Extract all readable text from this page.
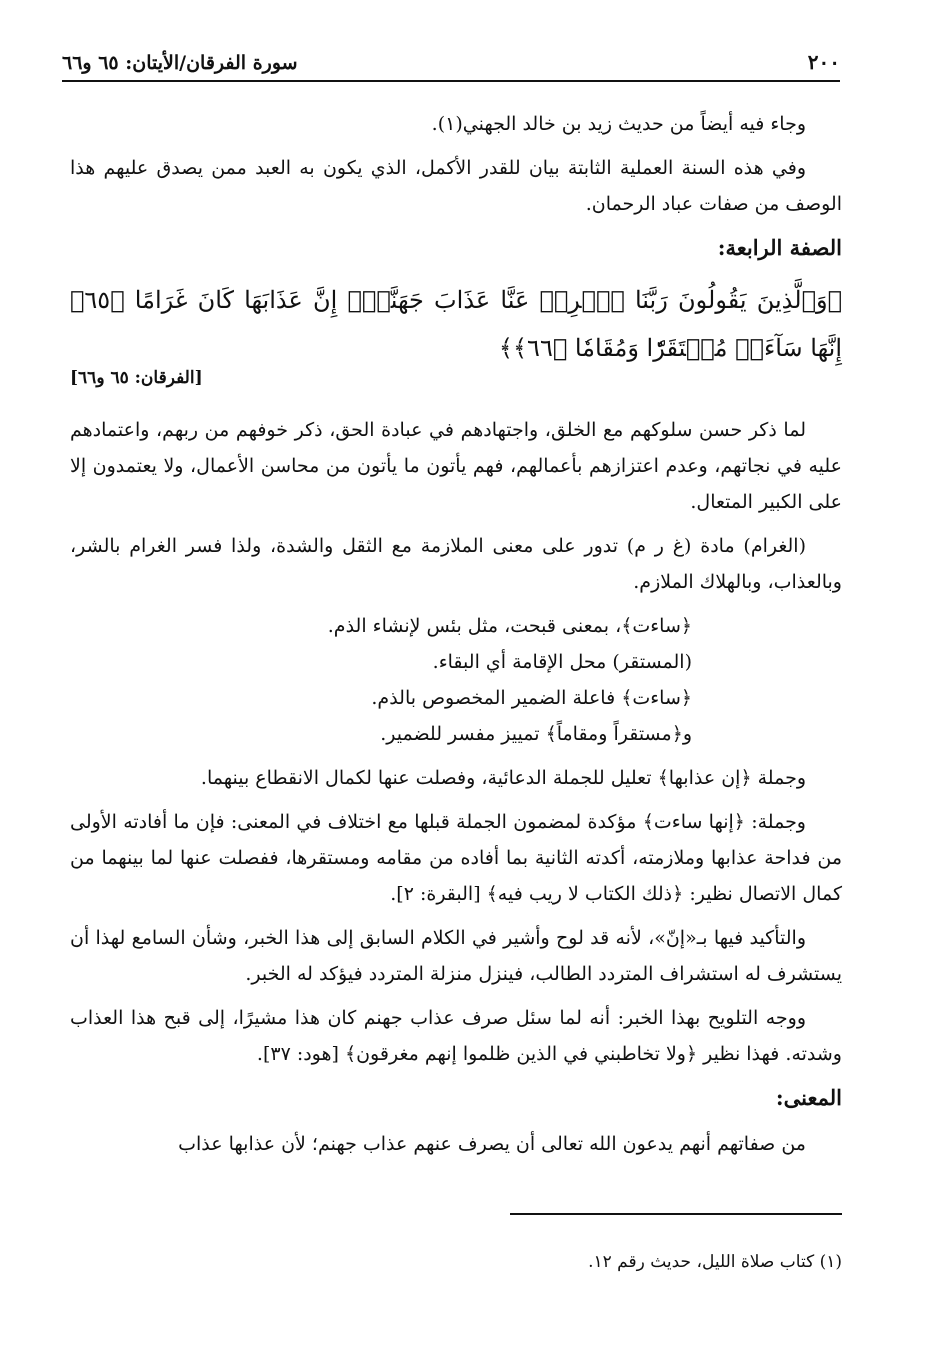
٢٠٠
سورة الفرقان/الأيتان: ٦٥ و٦٦

وجاء فيه أيضاً من حديث زيد بن خالد الجهني(١).

وفي هذه السنة العملية الثابتة بيان للقدر الأكمل، الذي يكون به العبد ممن يصدق عليهم هذا الوصف من صفات عباد الرحمان.

الصفة الرابعة:

﴿وَٱلَّذِينَ يَقُولُونَ رَبَّنَا ٱصۡرِفۡ عَنَّا عَذَابَ جَهَنَّمَۖ إِنَّ عَذَابَهَا كَانَ غَرَامًا ﴿٦٥﴾ إِنَّهَا سَآءَتۡ مُسۡتَقَرّٗا وَمُقَامٗا ﴿٦٦﴾﴾

[الفرقان: ٦٥ و٦٦]

لما ذكر حسن سلوكهم مع الخلق، واجتهادهم في عبادة الحق، ذكر خوفهم من ربهم، واعتمادهم عليه في نجاتهم، وعدم اعتزازهم بأعمالهم، فهم يأتون ما يأتون من محاسن الأعمال، ولا يعتمدون إلا على الكبير المتعال.

(الغرام) مادة (غ ر م) تدور على معنى الملازمة مع الثقل والشدة، ولذا فسر الغرام بالشر، وبالعذاب، وبالهلاك الملازم.

﴿ساءت﴾، بمعنى قبحت، مثل بئس لإنشاء الذم.
(المستقر) محل الإقامة أي البقاء.
﴿ساءت﴾ فاعلة الضمير المخصوص بالذم.
و﴿مستقراً ومقاماً﴾ تمييز مفسر للضمير.

وجملة ﴿إن عذابها﴾ تعليل للجملة الدعائية، وفصلت عنها لكمال الانقطاع بينهما.

وجملة: ﴿إنها ساءت﴾ مؤكدة لمضمون الجملة قبلها مع اختلاف في المعنى: فإن ما أفادته الأولى من فداحة عذابها وملازمته، أكدته الثانية بما أفاده من مقامه ومستقرها، ففصلت عنها لما بينهما من كمال الاتصال نظير: ﴿ذلك الكتاب لا ريب فيه﴾ [البقرة: ٢].

والتأكيد فيها بـ«إنّ»، لأنه قد لوح وأشير في الكلام السابق إلى هذا الخبر، وشأن السامع لهذا أن يستشرف له استشراف المتردد الطالب، فينزل منزلة المتردد فيؤكد له الخبر.

ووجه التلويح بهذا الخبر: أنه لما سئل صرف عذاب جهنم كان هذا مشيرًا، إلى قبح هذا العذاب وشدته. فهذا نظير ﴿ولا تخاطبني في الذين ظلموا إنهم مغرقون﴾ [هود: ٣٧].

المعنى:

من صفاتهم أنهم يدعون الله تعالى أن يصرف عنهم عذاب جهنم؛ لأن عذابها عذاب

(١) كتاب صلاة الليل، حديث رقم ١٢.
